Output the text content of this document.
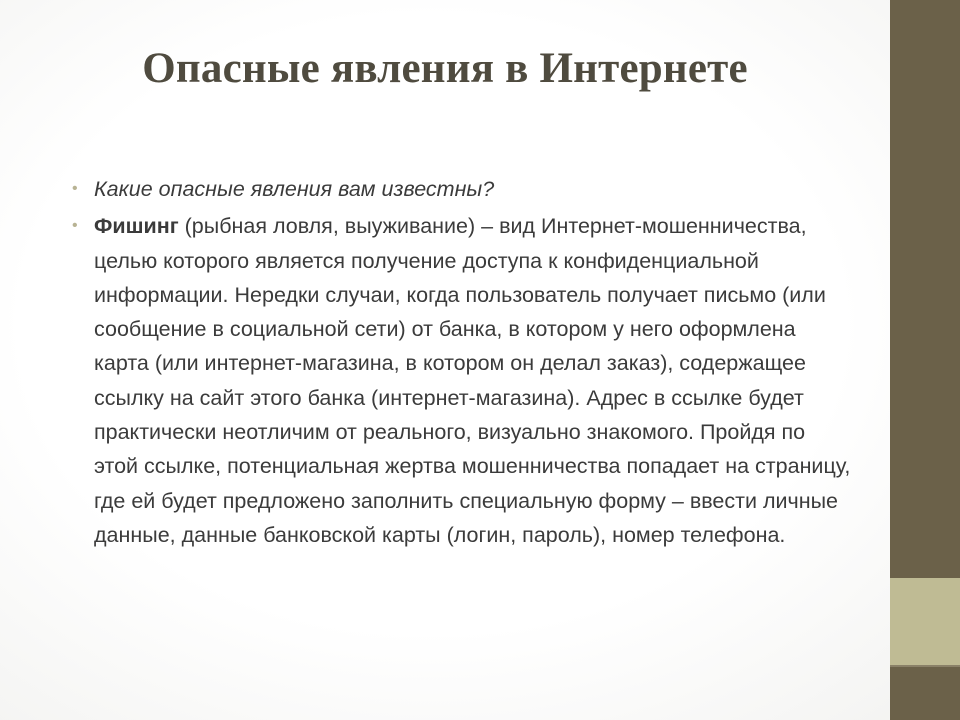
Опасные явления в Интернете
• Какие опасные явления вам известны?
• Фишинг (рыбная ловля, выуживание) – вид Интернет-мошенничества, целью которого является получение доступа к конфиденциальной информации. Нередки случаи, когда пользователь получает письмо (или сообщение в социальной сети) от банка, в котором у него оформлена карта (или интернет-магазина, в котором он делал заказ), содержащее ссылку на сайт этого банка (интернет-магазина). Адрес в ссылке будет практически неотличим от реального, визуально знакомого. Пройдя по этой ссылке, потенциальная жертва мошенничества попадает на страницу, где ей будет предложено заполнить специальную форму – ввести личные данные, данные банковской карты (логин, пароль), номер телефона.
